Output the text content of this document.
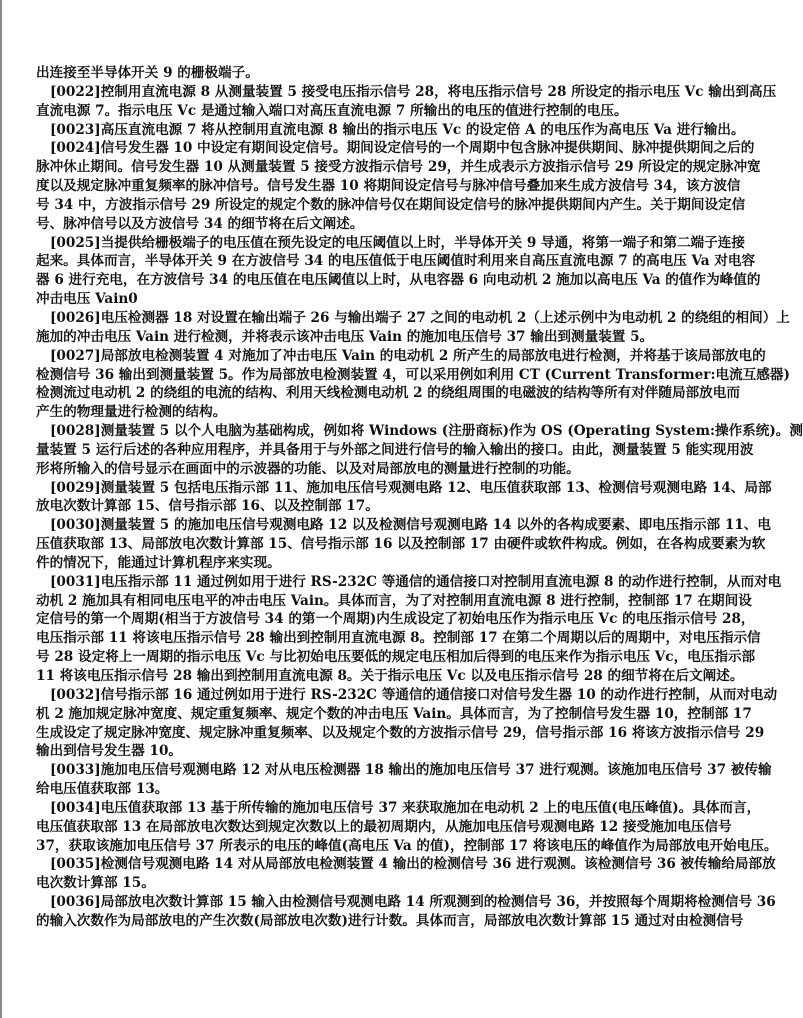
出连接至半导体开关 9 的栅极端子。
[0022]控制用直流电源 8 从测量装置 5 接受电压指示信号 28，将电压指示信号 28 所设定的指示电压 Vc 输出到高压
直流电源 7。指示电压 Vc 是通过输入端口对高压直流电源 7 所输出的电压的值进行控制的电压。
[0023]高压直流电源 7 将从控制用直流电源 8 输出的指示电压 Vc 的设定倍 A 的电压作为高电压 Va 进行输出。
[0024]信号发生器 10 中设定有期间设定信号。期间设定信号的一个周期中包含脉冲提供期间、脉冲提供期间之后的
脉冲休止期间。信号发生器 10 从测量装置 5 接受方波指示信号 29，并生成表示方波指示信号 29 所设定的规定脉冲宽
度以及规定脉冲重复频率的脉冲信号。信号发生器 10 将期间设定信号与脉冲信号叠加来生成方波信号 34，该方波信
号 34 中，方波指示信号 29 所设定的规定个数的脉冲信号仅在期间设定信号的脉冲提供期间内产生。关于期间设定信
号、脉冲信号以及方波信号 34 的细节将在后文阐述。
[0025]当提供给栅极端子的电压值在预先设定的电压阈值以上时，半导体开关 9 导通，将第一端子和第二端子连接
起来。具体而言，半导体开关 9 在方波信号 34 的电压值低于电压阈值时利用来自高压直流电源 7 的高电压 Va 对电容
器 6 进行充电，在方波信号 34 的电压值在电压阈值以上时，从电容器 6 向电动机 2 施加以高电压 Va 的值作为峰值的
冲击电压 Vain0
[0026]电压检测器 18 对设置在输出端子 26 与输出端子 27 之间的电动机 2（上述示例中为电动机 2 的绕组的相间）上
施加的冲击电压 Vain 进行检测，并将表示该冲击电压 Vain 的施加电压信号 37 输出到测量装置 5。
[0027]局部放电检测装置 4 对施加了冲击电压 Vain 的电动机 2 所产生的局部放电进行检测，并将基于该局部放电的
检测信号 36 输出到测量装置 5。作为局部放电检测装置 4，可以采用例如利用 CT (Current Transformer:电流互感器)
检测流过电动机 2 的绕组的电流的结构、利用天线检测电动机 2 的绕组周围的电磁波的结构等所有对伴随局部放电而
产生的物理量进行检测的结构。
[0028]测量装置 5 以个人电脑为基础构成，例如将 Windows (注册商标)作为 OS (Operating System:操作系统)。测
量装置 5 运行后述的各种应用程序，并具备用于与外部之间进行信号的输入输出的接口。由此，测量装置 5 能实现用波
形将所输入的信号显示在画面中的示波器的功能、以及对局部放电的测量进行控制的功能。
[0029]测量装置 5 包括电压指示部 11、施加电压信号观测电路 12、电压值获取部 13、检测信号观测电路 14、局部
放电次数计算部 15、信号指示部 16、以及控制部 17。
[0030]测量装置 5 的施加电压信号观测电路 12 以及检测信号观测电路 14 以外的各构成要素、即电压指示部 11、电
压值获取部 13、局部放电次数计算部 15、信号指示部 16 以及控制部 17 由硬件或软件构成。例如，在各构成要素为软
件的情况下，能通过计算机程序来实现。
[0031]电压指示部 11 通过例如用于进行 RS-232C 等通信的通信接口对控制用直流电源 8 的动作进行控制，从而对电
动机 2 施加具有相同电压电平的冲击电压 Vain。具体而言，为了对控制用直流电源 8 进行控制，控制部 17 在期间设
定信号的第一个周期(相当于方波信号 34 的第一个周期)内生成设定了初始电压作为指示电压 Vc 的电压指示信号 28，
电压指示部 11 将该电压指示信号 28 输出到控制用直流电源 8。控制部 17 在第二个周期以后的周期中，对电压指示信
号 28 设定将上一周期的指示电压 Vc 与比初始电压要低的规定电压相加后得到的电压来作为指示电压 Vc，电压指示部
11 将该电压指示信号 28 输出到控制用直流电源 8。关于指示电压 Vc 以及电压指示信号 28 的细节将在后文阐述。
[0032]信号指示部 16 通过例如用于进行 RS-232C 等通信的通信接口对信号发生器 10 的动作进行控制，从而对电动
机 2 施加规定脉冲宽度、规定重复频率、规定个数的冲击电压 Vain。具体而言，为了控制信号发生器 10，控制部 17
生成设定了规定脉冲宽度、规定脉冲重复频率、以及规定个数的方波指示信号 29，信号指示部 16 将该方波指示信号 29
输出到信号发生器 10。
[0033]施加电压信号观测电路 12 对从电压检测器 18 输出的施加电压信号 37 进行观测。该施加电压信号 37 被传输
给电压值获取部 13。
[0034]电压值获取部 13 基于所传输的施加电压信号 37 来获取施加在电动机 2 上的电压值(电压峰值)。具体而言，
电压值获取部 13 在局部放电次数达到规定次数以上的最初周期内，从施加电压信号观测电路 12 接受施加电压信号
37，获取该施加电压信号 37 所表示的电压的峰值(高电压 Va 的值)，控制部 17 将该电压的峰值作为局部放电开始电压。
[0035]检测信号观测电路 14 对从局部放电检测装置 4 输出的检测信号 36 进行观测。该检测信号 36 被传输给局部放
电次数计算部 15。
[0036]局部放电次数计算部 15 输入由检测信号观测电路 14 所观测到的检测信号 36，并按照每个周期将检测信号 36
的输入次数作为局部放电的产生次数(局部放电次数)进行计数。具体而言，局部放电次数计算部 15 通过对由检测信号
